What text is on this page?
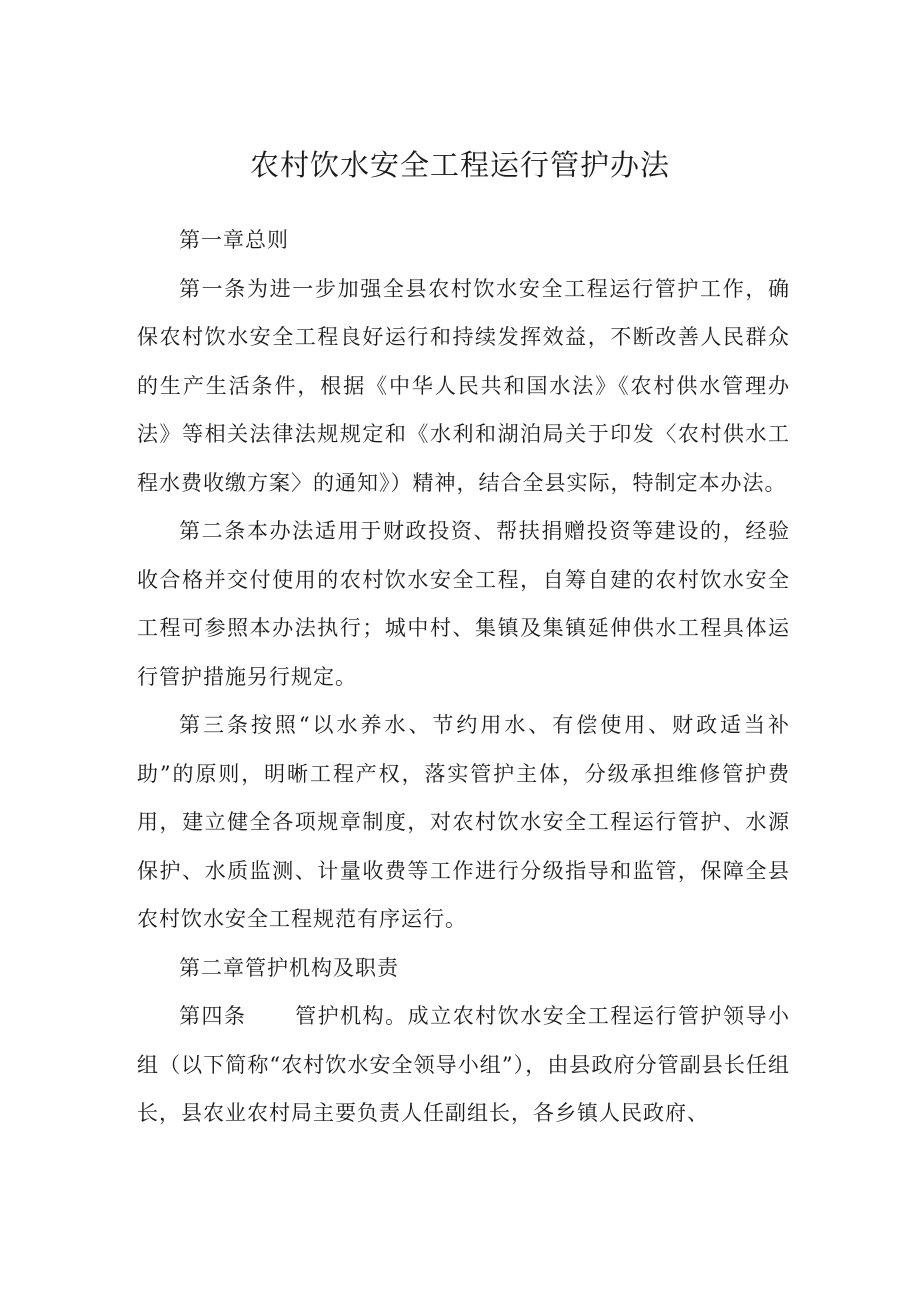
农村饮水安全工程运行管护办法

第一章总则

第一条为进一步加强全县农村饮水安全工程运行管护工作，确保农村饮水安全工程良好运行和持续发挥效益，不断改善人民群众的生产生活条件，根据《中华人民共和国水法》《农村供水管理办法》等相关法律法规规定和《水利和湖泊局关于印发〈农村供水工程水费收缴方案〉的通知》）精神，结合全县实际，特制定本办法。

第二条本办法适用于财政投资、帮扶捐赠投资等建设的，经验收合格并交付使用的农村饮水安全工程，自筹自建的农村饮水安全工程可参照本办法执行；城中村、集镇及集镇延伸供水工程具体运行管护措施另行规定。

第三条按照“以水养水、节约用水、有偿使用、财政适当补助”的原则，明晰工程产权，落实管护主体，分级承担维修管护费用，建立健全各项规章制度，对农村饮水安全工程运行管护、水源保护、水质监测、计量收费等工作进行分级指导和监管，保障全县农村饮水安全工程规范有序运行。

第二章管护机构及职责

第四条 管护机构。成立农村饮水安全工程运行管护领导小组（以下简称“农村饮水安全领导小组”），由县政府分管副县长任组长，县农业农村局主要负责人任副组长，各乡镇人民政府、
